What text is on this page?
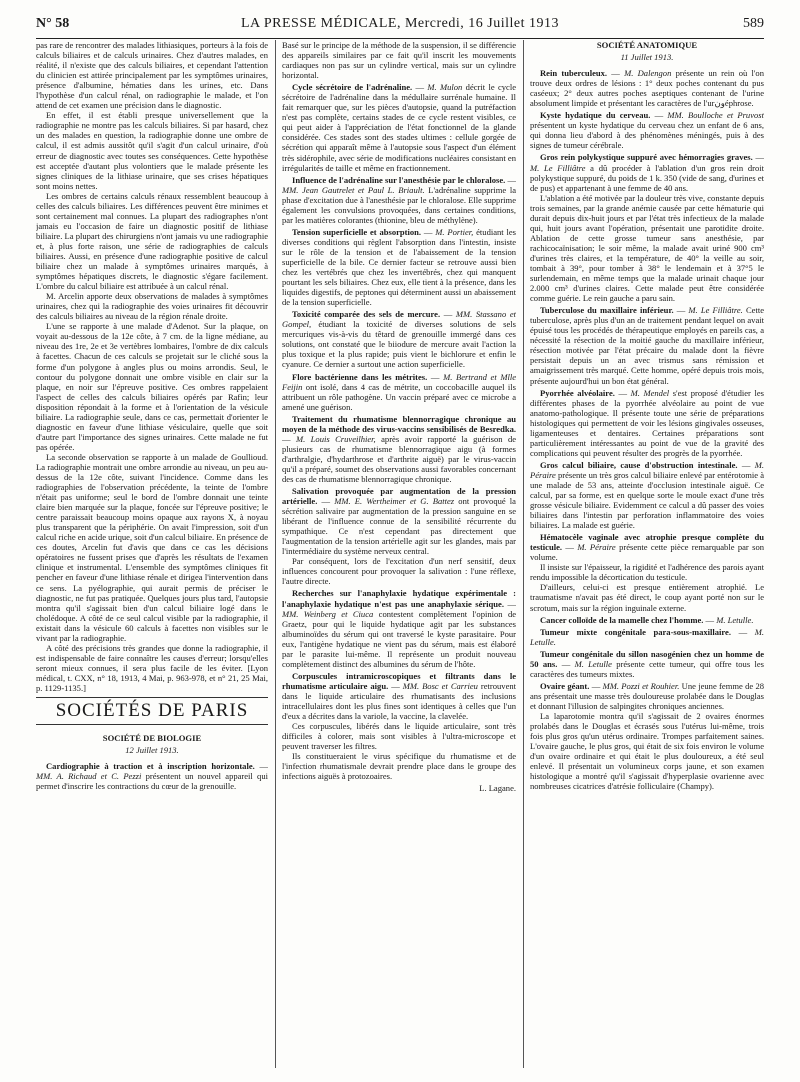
N° 58	LA PRESSE MÉDICALE, Mercredi, 16 Juillet 1913	589

pas rare de rencontrer des malades lithiasiques, porteurs à la fois de calculs biliaires et de calculs urinaires. Chez d'autres malades, en réalité, il n'existe que des calculs biliaires, et cependant l'attention du clinicien est attirée principalement par les symptômes urinaires, présence d'albumine, hématies dans les urines, etc. Dans l'hypothèse d'un calcul rénal, on radiographie le malade, et l'on attend de cet examen une précision dans le diagnostic.

En effet, il est établi presque universellement que la radiographie ne montre pas les calculs biliaires. Si par hasard, chez un des malades en question, la radiographie donne une ombre de calcul, il est admis aussitôt qu'il s'agit d'un calcul urinaire, d'où erreur de diagnostic avec toutes ses conséquences. Cette hypothèse est acceptée d'autant plus volontiers que le malade présente les signes cliniques de la lithiase urinaire, que ses crises hépatiques sont moins nettes.

Les ombres de certains calculs rénaux ressemblent beaucoup à celles des calculs biliaires. Les différences peuvent être minimes et sont certainement mal connues. La plupart des radiographes n'ont jamais eu l'occasion de faire un diagnostic positif de lithiase biliaire. La plupart des chirurgiens n'ont jamais vu une radiographie et, à plus forte raison, une série de radiographies de calculs biliaires. Aussi, en présence d'une radiographie positive de calcul biliaire chez un malade à symptômes urinaires marqués, à symptômes hépatiques discrets, le diagnostic s'égare facilement. L'ombre du calcul biliaire est attribuée à un calcul rénal.

M. Arcelin apporte deux observations de malades à symptômes urinaires, chez qui la radiographie des voies urinaires fit découvrir des calculs biliaires au niveau de la région rénale droite.

L'une se rapporte à une malade d'Adenot. Sur la plaque, on voyait au-dessous de la 12e côte, à 7 cm. de la ligne médiane, au niveau des 1re, 2e et 3e vertèbres lombaires, l'ombre de dix calculs à facettes. Chacun de ces calculs se projetait sur le cliché sous la forme d'un polygone à angles plus ou moins arrondis. Seul, le contour du polygone donnait une ombre visible en clair sur la plaque, en noir sur l'épreuve positive. Ces ombres rappelaient l'aspect de celles des calculs biliaires opérés par Rafin; leur disposition répondait à la forme et à l'orientation de la vésicule biliaire. La radiographie seule, dans ce cas, permettait d'orienter le diagnostic en faveur d'une lithiase vésiculaire, quelle que soit d'autre part l'importance des signes urinaires. Cette malade ne fut pas opérée.

La seconde observation se rapporte à un malade de Goullioud. La radiographie montrait une ombre arrondie au niveau, un peu au-dessus de la 12e côte, suivant l'incidence. Comme dans les radiographies de l'observation précédente, la teinte de l'ombre n'était pas uniforme; seul le bord de l'ombre donnait une teinte claire bien marquée sur la plaque, foncée sur l'épreuve positive; le centre paraissait beaucoup moins opaque aux rayons X, à noyau plus transparent que la périphérie. On avait l'impression, soit d'un calcul riche en acide urique, soit d'un calcul biliaire. En présence de ces doutes, Arcelin fut d'avis que dans ce cas les décisions opératoires ne fussent prises que d'après les résultats de l'examen clinique et instrumental. L'ensemble des symptômes cliniques fit pencher en faveur d'une lithiase rénale et dirigea l'intervention dans ce sens. La pyélographie, qui aurait permis de préciser le diagnostic, ne fut pas pratiquée. Quelques jours plus tard, l'autopsie montra qu'il s'agissait bien d'un calcul biliaire logé dans le cholédoque. A côté de ce seul calcul visible par la radiographie, il existait dans la vésicule 60 calculs à facettes non visibles sur le vivant par la radiographie.

A côté des précisions très grandes que donne la radiographie, il est indispensable de faire connaître les causes d'erreur; lorsqu'elles seront mieux connues, il sera plus facile de les éviter. [Lyon médical, t. CXX, n° 18, 1913, 4 Mai, p. 963-978, et n° 21, 25 Mai, p. 1129-1135.]

SOCIÉTÉS DE PARIS
SOCIÉTÉ DE BIOLOGIE
12 Juillet 1913.

Cardiographie à traction et à inscription horizontale. — MM. A. Richaud et C. Pezzi présentent un nouvel appareil qui permet d'inscrire les contractions du cœur de la grenouille.

Basé sur le principe de la méthode de la suspension, il se différencie des appareils similaires par ce fait qu'il inscrit les mouvements cardiaques non pas sur un cylindre vertical, mais sur un cylindre horizontal.

Cycle sécrétoire de l'adrénaline. — M. Mulon décrit le cycle sécrétoire de l'adrénaline dans la médullaire surrénale humaine. Il fait remarquer que, sur les pièces d'autopsie, quand la putréfaction n'est pas complète, certains stades de ce cycle restent visibles, ce qui peut aider à l'appréciation de l'état fonctionnel de la glande considérée. Ces stades sont des stades ultimes : cellule gorgée de sécrétion qui apparaît même à l'autopsie sous l'aspect d'un élément très sidérophile, avec série de modifications nucléaires consistant en irrégularités de taille et même en fractionnement.

Influence de l'adrénaline sur l'anesthésie par le chloralose. — MM. Jean Gautrelet et Paul L. Briault. L'adrénaline supprime la phase d'excitation due à l'anesthésie par le chloralose. Elle supprime également les convulsions provoquées, dans certaines conditions, par les matières colorantes (thionine, bleu de méthylène).

Tension superficielle et absorption. — M. Portier, étudiant les diverses conditions qui règlent l'absorption dans l'intestin, insiste sur le rôle de la tension et de l'abaissement de la tension superficielle de la bile. Ce dernier facteur se retrouve aussi bien chez les vertébrés que chez les invertébrés, chez qui manquent pourtant les sels biliaires. Chez eux, elle tient à la présence, dans les liquides digestifs, de peptones qui déterminent aussi un abaissement de la tension superficielle.

Toxicité comparée des sels de mercure. — MM. Stassano et Gompel, étudiant la toxicité de diverses solutions de sels mercuriques vis-à-vis du têtard de grenouille immergé dans ces solutions, ont constaté que le biiodure de mercure avait l'action la plus toxique et la plus rapide; puis vient le bichlorure et enfin le cyanure. Ce dernier a surtout une action superficielle.

Flore bactérienne dans les métrites. — M. Bertrand et Mlle Feijin ont isolé, dans 4 cas de métrite, un coccobacille auquel ils attribuent un rôle pathogène. Un vaccin préparé avec ce microbe a amené une guérison.

Traitement du rhumatisme blennorragique chronique au moyen de la méthode des virus-vaccins sensibilisés de Besredka. — M. Louis Cruveilhier, après avoir rapporté la guérison de plusieurs cas de rhumatisme blennorragique aigu (à formes d'arthralgie, d'hydarthrose et d'arthrite aiguë) par le virus-vaccin qu'il a préparé, soumet des observations aussi favorables concernant des cas de rhumatisme blennorragique chronique.

Salivation provoquée par augmentation de la pression artérielle. — MM. E. Wertheimer et G. Battez ont provoqué la sécrétion salivaire par augmentation de la pression sanguine en se libérant de l'influence connue de la sensibilité récurrente du sympathique. Ce n'est cependant pas directement que l'augmentation de la tension artérielle agit sur les glandes, mais par l'intermédiaire du système nerveux central.

Par conséquent, lors de l'excitation d'un nerf sensitif, deux influences concourent pour provoquer la salivation : l'une réflexe, l'autre directe.

Recherches sur l'anaphylaxie hydatique expérimentale : l'anaphylaxie hydatique n'est pas une anaphylaxie sérique. — MM. Weinberg et Ciuca contestent complètement l'opinion de Graetz, pour qui le liquide hydatique agit par les substances albuminoïdes du sérum qui ont traversé le kyste parasitaire. Pour eux, l'antigène hydatique ne vient pas du sérum, mais est élaboré par le parasite lui-même. Il représente un produit nouveau complètement distinct des albumines du sérum de l'hôte.

Corpuscules intramicroscopiques et filtrants dans le rhumatisme articulaire aigu. — MM. Bosc et Carrieu retrouvent dans le liquide articulaire des rhumatisants des inclusions intracellulaires dont les plus fines sont identiques à celles que l'un d'eux a décrites dans la variole, la vaccine, la clavelée.

Ces corpuscules, libérés dans le liquide articulaire, sont très difficiles à colorer, mais sont visibles à l'ultra-microscope et peuvent traverser les filtres.

Ils constitueraient le virus spécifique du rhumatisme et de l'infection rhumatismale devrait prendre place dans le groupe des infections aiguës à protozoaires.

L. Lagane.
SOCIÉTÉ ANATOMIQUE
11 Juillet 1913.

Rein tuberculeux. — M. Dalengon présente un rein où l'on trouve deux ordres de lésions : 1° deux poches contenant du pus caséeux; 2° deux autres poches aseptiques contenant de l'urine absolument limpide et présentant les caractères de l'urونéphrose.

Kyste hydatique du cerveau. — MM. Boulloche et Pruvost présentent un kyste hydatique du cerveau chez un enfant de 6 ans, qui donna lieu d'abord à des phénomènes méningés, puis à des signes de tumeur cérébrale.

Gros rein polykystique suppuré avec hémorragies graves. — M. Le Filliâtre a dû procéder à l'ablation d'un gros rein droit polykystique suppuré, du poids de 1 k. 350 (vide de sang, d'urines et de pus) et appartenant à une femme de 40 ans.

L'ablation a été motivée par la douleur très vive, constante depuis trois semaines, par la grande anémie causée par cette hématurie qui durait depuis dix-huit jours et par l'état très infectieux de la malade qui, huit jours avant l'opération, présentait une parotidite droite. Ablation de cette grosse tumeur sans anesthésie, par rachicocaïnisation; le soir même, la malade avait uriné 900 cm³ d'urines très claires, et la température, de 40° la veille au soir, tombait à 39°, pour tomber à 38° le lendemain et à 37°5 le surlendemain, en même temps que la malade urinait chaque jour 2.000 cm³ d'urines claires. Cette malade peut être considérée comme guérie. Le rein gauche a paru sain.

Tuberculose du maxillaire inférieur. — M. Le Filliâtre. Cette tuberculose, après plus d'un an de traitement pendant lequel on avait épuisé tous les procédés de thérapeutique employés en pareils cas, a nécessité la résection de la moitié gauche du maxillaire inférieur, résection motivée par l'état précaire du malade dont la fièvre persistait depuis un an avec trismus sans rémission et amaigrissement très marqué. Cette homme, opéré depuis trois mois, présente aujourd'hui un bon état général.

Pyorrhée alvéolaire. — M. Mendel s'est proposé d'étudier les différentes phases de la pyorrhée alvéolaire au point de vue anatomo-pathologique. Il présente toute une série de préparations histologiques qui permettent de voir les lésions gingivales osseuses, ligamenteuses et dentaires. Certaines préparations sont particulièrement intéressantes au point de vue de la gravité des complications qui peuvent résulter des progrès de la pyorrhée.

Gros calcul biliaire, cause d'obstruction intestinale. — M. Péraire présente un très gros calcul biliaire enlevé par entérotomie à une malade de 53 ans, atteinte d'occlusion intestinale aiguë. Ce calcul, par sa forme, est en quelque sorte le moule exact d'une très grosse vésicule biliaire. Evidemment ce calcul a dû passer des voies biliaires dans l'intestin par perforation inflammatoire des voies biliaires. La malade est guérie.

Hématocèle vaginale avec atrophie presque complète du testicule. — M. Péraire présente cette pièce remarquable par son volume.

Il insiste sur l'épaisseur, la rigidité et l'adhérence des parois ayant rendu impossible la décortication du testicule.

D'ailleurs, celui-ci est presque entièrement atrophié. Le traumatisme n'avait pas été direct, le coup ayant porté non sur le scrotum, mais sur la région inguinale externe.

Cancer colloïde de la mamelle chez l'homme. — M. Letulle.

Tumeur mixte congénitale para-sous-maxillaire. — M. Letulle.

Tumeur congénitale du sillon nasogénien chez un homme de 50 ans. — M. Letulle présente cette tumeur, qui offre tous les caractères des tumeurs mixtes.

Ovaire géant. — MM. Pozzi et Rouhier. Une jeune femme de 28 ans présentait une masse très douloureuse prolabée dans le Douglas et donnant l'illusion de salpingites chroniques anciennes.

La laparotomie montra qu'il s'agissait de 2 ovaires énormes prolabés dans le Douglas et écrasés sous l'utérus lui-même, trois fois plus gros qu'un utérus ordinaire. Trompes parfaitement saines. L'ovaire gauche, le plus gros, qui était de six fois environ le volume d'un ovaire ordinaire et qui était le plus douloureux, a été seul enlevé. Il présentait un volumineux corps jaune, et son examen histologique a montré qu'il s'agissait d'hyperplasie ovarienne avec nombreuses cicatrices d'atrésie folliculaire (Champy).
